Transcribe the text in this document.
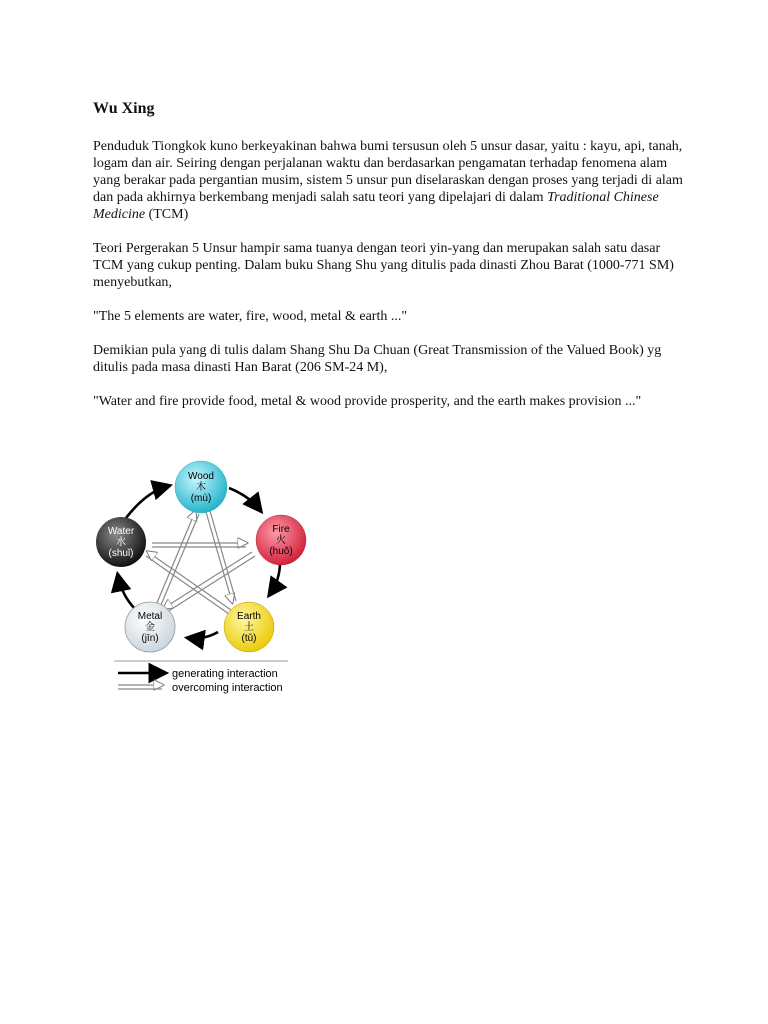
Wu Xing

Penduduk Tiongkok kuno berkeyakinan bahwa bumi tersusun oleh 5 unsur dasar, yaitu : kayu, api, tanah, logam dan air. Seiring dengan perjalanan waktu dan berdasarkan pengamatan terhadap fenomena alam yang berakar pada pergantian musim, sistem 5 unsur pun diselaraskan dengan proses yang terjadi di alam dan pada akhirnya berkembang menjadi salah satu teori yang dipelajari di dalam Traditional Chinese Medicine (TCM)

Teori Pergerakan 5 Unsur hampir sama tuanya dengan teori yin-yang dan merupakan salah satu dasar TCM yang cukup penting. Dalam buku Shang Shu yang ditulis pada dinasti Zhou Barat (1000-771 SM) menyebutkan,

"The 5 elements are water, fire, wood, metal & earth ..."

Demikian pula yang di tulis dalam Shang Shu Da Chuan (Great Transmission of the Valued Book) yg ditulis pada masa dinasti Han Barat (206 SM-24 M),

"Water and fire provide food, metal & wood provide prosperity, and the earth makes provision ..."

Wood
木
(mù)
Fire
火
(huǒ)
Earth
土
(tǔ)
Metal
金
(jīn)
Water
水
(shuǐ)
generating interaction
overcoming interaction
